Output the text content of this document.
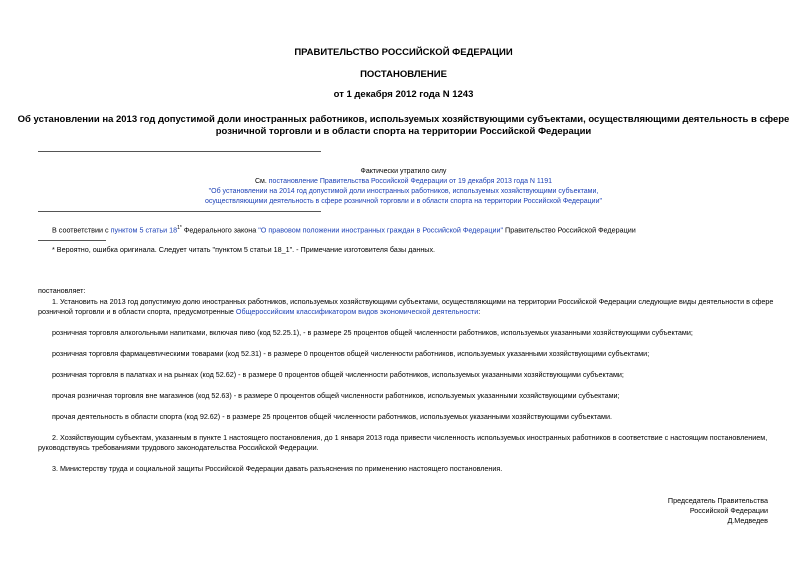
ПРАВИТЕЛЬСТВО РОССИЙСКОЙ ФЕДЕРАЦИИ
ПОСТАНОВЛЕНИЕ
от 1 декабря 2012 года N 1243
Об установлении на 2013 год допустимой доли иностранных работников, используемых хозяйствующими субъектами, осуществляющими деятельность в сфере
розничной торговли и в области спорта на территории Российской Федерации
Фактически утратило силу
См. постановление Правительства Российской Федерации от 19 декабря 2013 года N 1191
"Об установлении на 2014 год допустимой доли иностранных работников, используемых хозяйствующими субъектами,
осуществляющими деятельность в сфере розничной торговли и в области спорта на территории Российской Федерации"
В соответствии с пунктом 5 статьи $18^{1*}$ Федерального закона "О правовом положении иностранных граждан в Российской Федерации" Правительство Российской Федерации
* Вероятно, ошибка оригинала. Следует читать "пунктом 5 статьи 18_1". - Примечание изготовителя базы данных.
постановляет:
1. Установить на 2013 год допустимую долю иностранных работников, используемых хозяйствующими субъектами, осуществляющими на территории Российской Федерации следующие виды деятельности в сфере
розничной торговли и в области спорта, предусмотренные Общероссийским классификатором видов экономической деятельности:
розничная торговля алкогольными напитками, включая пиво (код 52.25.1), - в размере 25 процентов общей численности работников, используемых указанными хозяйствующими субъектами;
розничная торговля фармацевтическими товарами (код 52.31) - в размере 0 процентов общей численности работников, используемых указанными хозяйствующими субъектами;
розничная торговля в палатках и на рынках (код 52.62) - в размере 0 процентов общей численности работников, используемых указанными хозяйствующими субъектами;
прочая розничная торговля вне магазинов (код 52.63) - в размере 0 процентов общей численности работников, используемых указанными хозяйствующими субъектами;
прочая деятельность в области спорта (код 92.62) - в размере 25 процентов общей численности работников, используемых указанными хозяйствующими субъектами.
2. Хозяйствующим субъектам, указанным в пункте 1 настоящего постановления, до 1 января 2013 года привести численность используемых иностранных работников в соответствие с настоящим постановлением,
руководствуясь требованиями трудового законодательства Российской Федерации.
3. Министерству труда и социальной защиты Российской Федерации давать разъяснения по применению настоящего постановления.
Председатель Правительства
Российской Федерации
Д.Медведев
